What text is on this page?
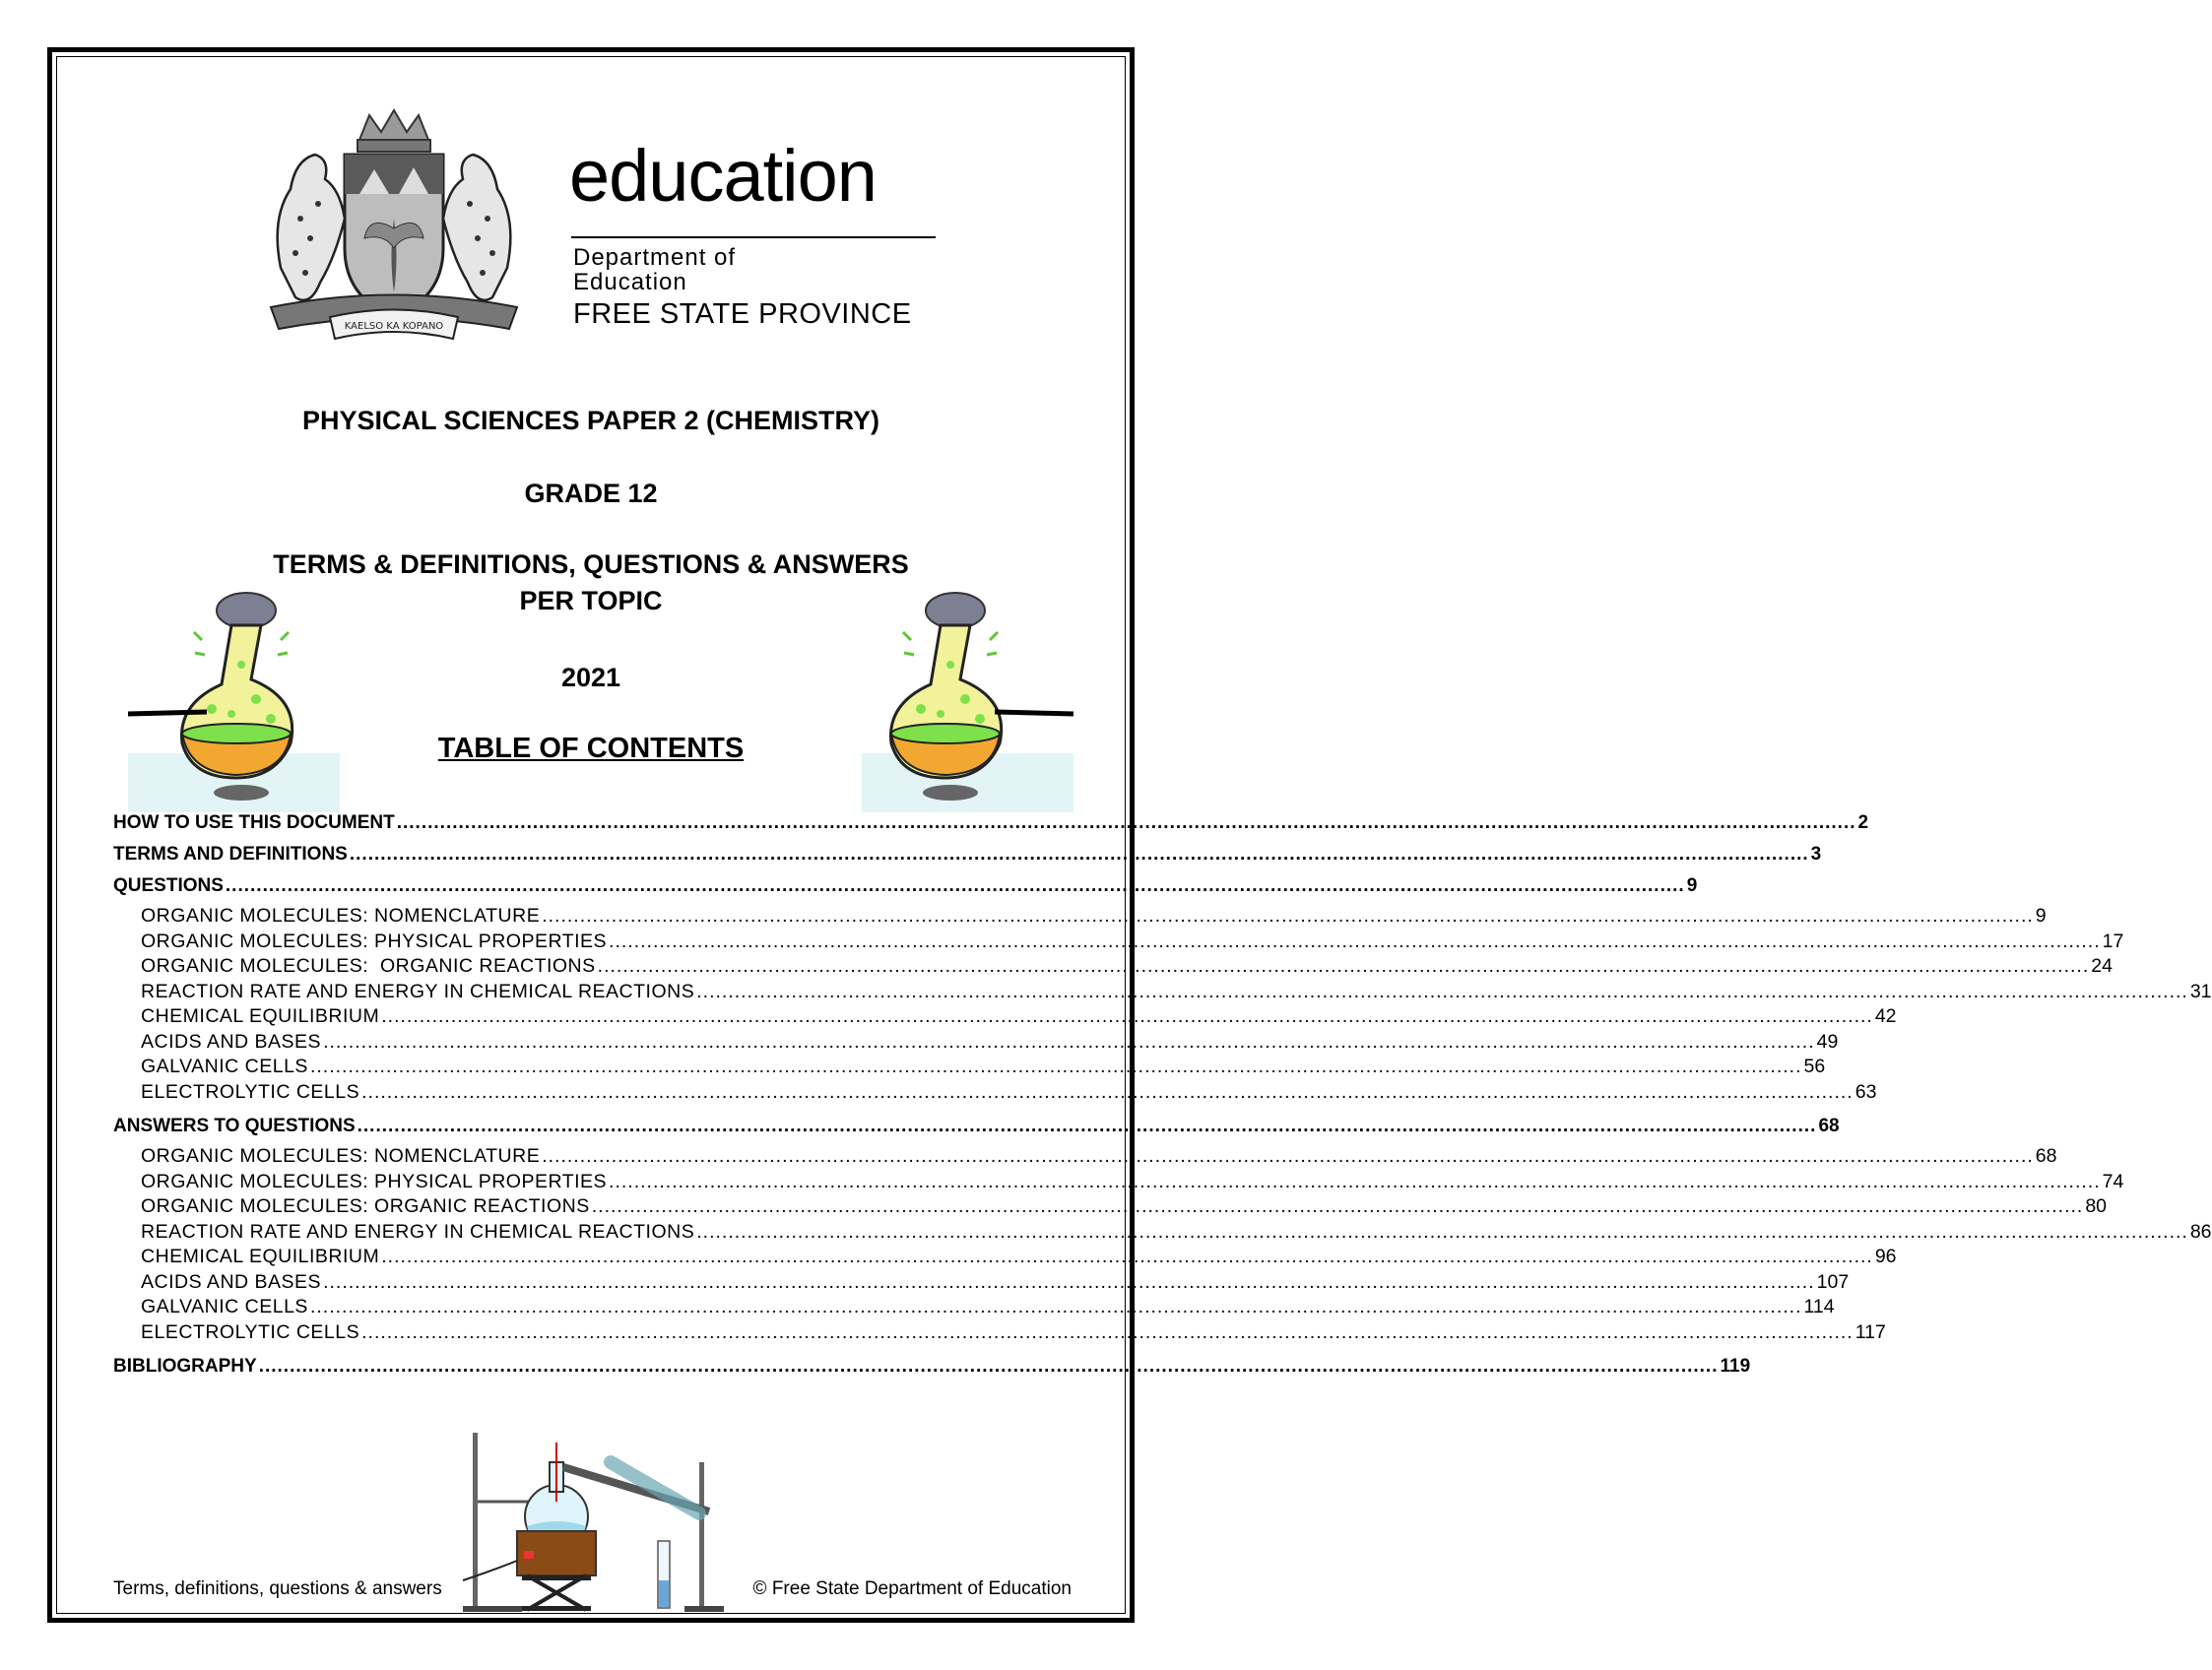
KAELSO KA KOPANO
education
Department of
Education
FREE STATE PROVINCE
PHYSICAL SCIENCES PAPER 2 (CHEMISTRY)
GRADE 12
TERMS & DEFINITIONS, QUESTIONS & ANSWERS
PER TOPIC
2021
TABLE OF CONTENTS
HOW TO USE THIS DOCUMENT ............................................................................................................................................................................................................................................ 2
TERMS AND DEFINITIONS ............................................................................................................................................................................................................................................ 3
QUESTIONS ............................................................................................................................................................................................................................................ 9
ORGANIC MOLECULES: NOMENCLATURE ............................................................................................................................................................................................................................................ 9
ORGANIC MOLECULES: PHYSICAL PROPERTIES ............................................................................................................................................................................................................................................ 17
ORGANIC MOLECULES:  ORGANIC REACTIONS ............................................................................................................................................................................................................................................ 24
REACTION RATE AND ENERGY IN CHEMICAL REACTIONS ............................................................................................................................................................................................................................................ 31
CHEMICAL EQUILIBRIUM ............................................................................................................................................................................................................................................ 42
ACIDS AND BASES ............................................................................................................................................................................................................................................ 49
GALVANIC CELLS ............................................................................................................................................................................................................................................ 56
ELECTROLYTIC CELLS ............................................................................................................................................................................................................................................ 63
ANSWERS TO QUESTIONS ............................................................................................................................................................................................................................................ 68
ORGANIC MOLECULES: NOMENCLATURE ............................................................................................................................................................................................................................................ 68
ORGANIC MOLECULES: PHYSICAL PROPERTIES ............................................................................................................................................................................................................................................ 74
ORGANIC MOLECULES: ORGANIC REACTIONS ............................................................................................................................................................................................................................................ 80
REACTION RATE AND ENERGY IN CHEMICAL REACTIONS ............................................................................................................................................................................................................................................ 86
CHEMICAL EQUILIBRIUM ............................................................................................................................................................................................................................................ 96
ACIDS AND BASES ............................................................................................................................................................................................................................................ 107
GALVANIC CELLS ............................................................................................................................................................................................................................................ 114
ELECTROLYTIC CELLS ............................................................................................................................................................................................................................................ 117
BIBLIOGRAPHY ............................................................................................................................................................................................................................................ 119
Terms, definitions, questions & answers	© Free State Department of Education
